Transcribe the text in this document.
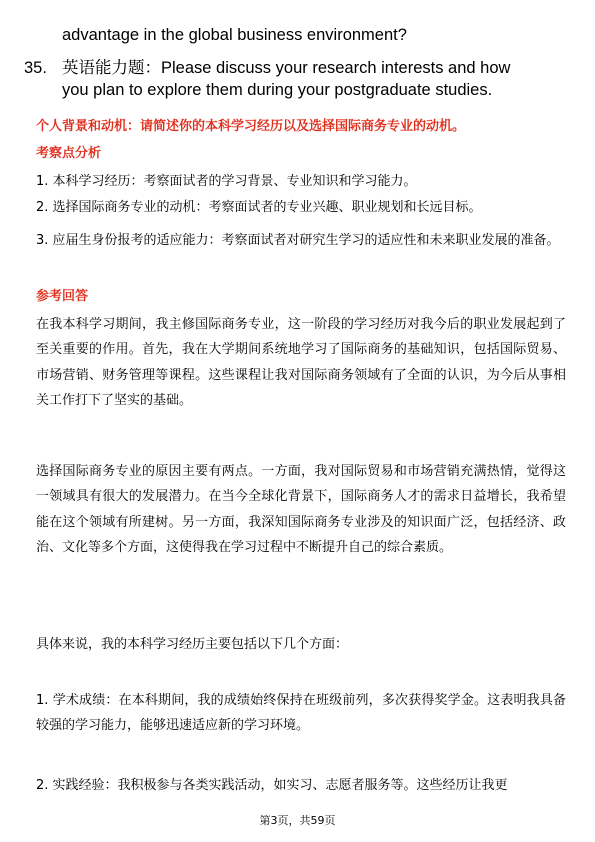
advantage in the global business environment?
35. 英语能力题：Please discuss your research interests and how
you plan to explore them during your postgraduate studies.
个人背景和动机：请简述你的本科学习经历以及选择国际商务专业的动机。
考察点分析
1. 本科学习经历：考察面试者的学习背景、专业知识和学习能力。
2. 选择国际商务专业的动机：考察面试者的专业兴趣、职业规划和长远目标。
3. 应届生身份报考的适应能力：考察面试者对研究生学习的适应性和未来职业发展的准备。
参考回答
在我本科学习期间，我主修国际商务专业，这一阶段的学习经历对我今后的职业发展起到了至关重要的作用。首先，我在大学期间系统地学习了国际商务的基础知识，包括国际贸易、市场营销、财务管理等课程。这些课程让我对国际商务领域有了全面的认识，为今后从事相关工作打下了坚实的基础。
选择国际商务专业的原因主要有两点。一方面，我对国际贸易和市场营销充满热情，觉得这一领域具有很大的发展潜力。在当今全球化背景下，国际商务人才的需求日益增长，我希望能在这个领域有所建树。另一方面，我深知国际商务专业涉及的知识面广泛，包括经济、政治、文化等多个方面，这使得我在学习过程中不断提升自己的综合素质。
具体来说，我的本科学习经历主要包括以下几个方面：
1. 学术成绩：在本科期间，我的成绩始终保持在班级前列，多次获得奖学金。这表明我具备较强的学习能力，能够迅速适应新的学习环境。
2. 实践经验：我积极参与各类实践活动，如实习、志愿者服务等。这些经历让我更
第3页，共59页
